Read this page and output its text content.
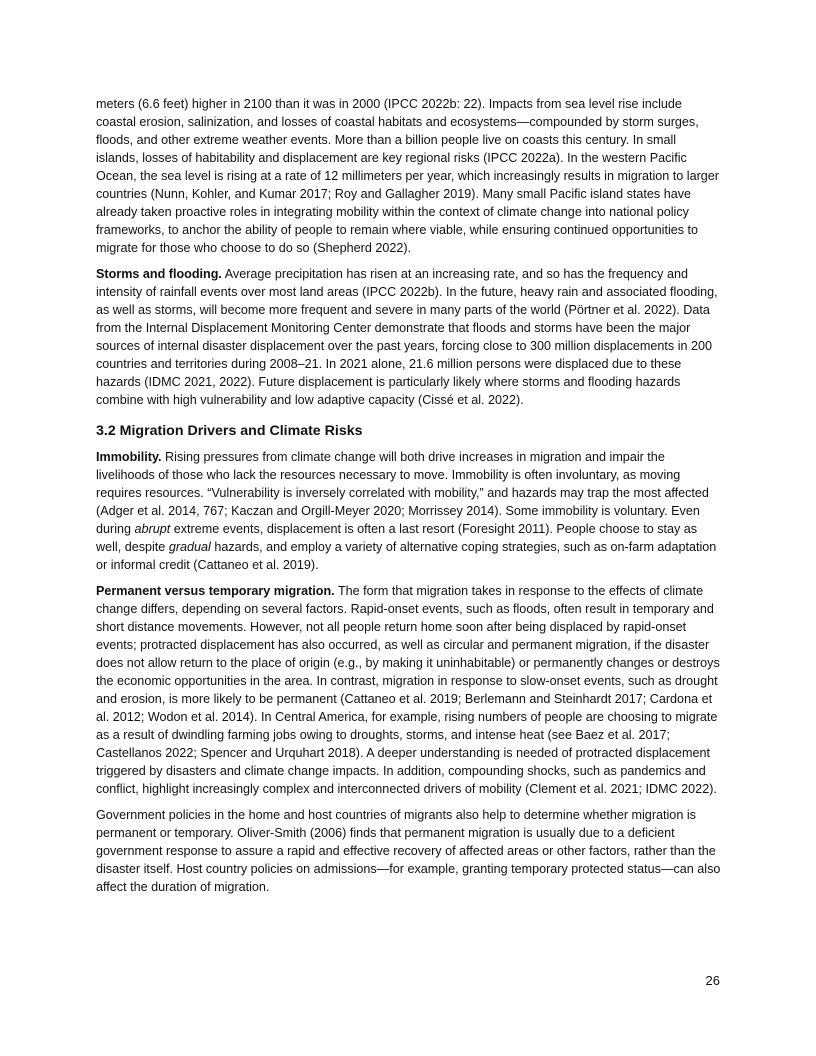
meters (6.6 feet) higher in 2100 than it was in 2000 (IPCC 2022b: 22). Impacts from sea level rise include coastal erosion, salinization, and losses of coastal habitats and ecosystems—compounded by storm surges, floods, and other extreme weather events. More than a billion people live on coasts this century. In small islands, losses of habitability and displacement are key regional risks (IPCC 2022a). In the western Pacific Ocean, the sea level is rising at a rate of 12 millimeters per year, which increasingly results in migration to larger countries (Nunn, Kohler, and Kumar 2017; Roy and Gallagher 2019). Many small Pacific island states have already taken proactive roles in integrating mobility within the context of climate change into national policy frameworks, to anchor the ability of people to remain where viable, while ensuring continued opportunities to migrate for those who choose to do so (Shepherd 2022).

Storms and flooding. Average precipitation has risen at an increasing rate, and so has the frequency and intensity of rainfall events over most land areas (IPCC 2022b). In the future, heavy rain and associated flooding, as well as storms, will become more frequent and severe in many parts of the world (Pörtner et al. 2022). Data from the Internal Displacement Monitoring Center demonstrate that floods and storms have been the major sources of internal disaster displacement over the past years, forcing close to 300 million displacements in 200 countries and territories during 2008–21. In 2021 alone, 21.6 million persons were displaced due to these hazards (IDMC 2021, 2022). Future displacement is particularly likely where storms and flooding hazards combine with high vulnerability and low adaptive capacity (Cissé et al. 2022).

3.2 Migration Drivers and Climate Risks

Immobility. Rising pressures from climate change will both drive increases in migration and impair the livelihoods of those who lack the resources necessary to move. Immobility is often involuntary, as moving requires resources. “Vulnerability is inversely correlated with mobility,” and hazards may trap the most affected (Adger et al. 2014, 767; Kaczan and Orgill-Meyer 2020; Morrissey 2014). Some immobility is voluntary. Even during abrupt extreme events, displacement is often a last resort (Foresight 2011). People choose to stay as well, despite gradual hazards, and employ a variety of alternative coping strategies, such as on-farm adaptation or informal credit (Cattaneo et al. 2019).

Permanent versus temporary migration. The form that migration takes in response to the effects of climate change differs, depending on several factors. Rapid-onset events, such as floods, often result in temporary and short distance movements. However, not all people return home soon after being displaced by rapid-onset events; protracted displacement has also occurred, as well as circular and permanent migration, if the disaster does not allow return to the place of origin (e.g., by making it uninhabitable) or permanently changes or destroys the economic opportunities in the area. In contrast, migration in response to slow-onset events, such as drought and erosion, is more likely to be permanent (Cattaneo et al. 2019; Berlemann and Steinhardt 2017; Cardona et al. 2012; Wodon et al. 2014). In Central America, for example, rising numbers of people are choosing to migrate as a result of dwindling farming jobs owing to droughts, storms, and intense heat (see Baez et al. 2017; Castellanos 2022; Spencer and Urquhart 2018). A deeper understanding is needed of protracted displacement triggered by disasters and climate change impacts. In addition, compounding shocks, such as pandemics and conflict, highlight increasingly complex and interconnected drivers of mobility (Clement et al. 2021; IDMC 2022).

Government policies in the home and host countries of migrants also help to determine whether migration is permanent or temporary. Oliver-Smith (2006) finds that permanent migration is usually due to a deficient government response to assure a rapid and effective recovery of affected areas or other factors, rather than the disaster itself. Host country policies on admissions—for example, granting temporary protected status—can also affect the duration of migration.

26
